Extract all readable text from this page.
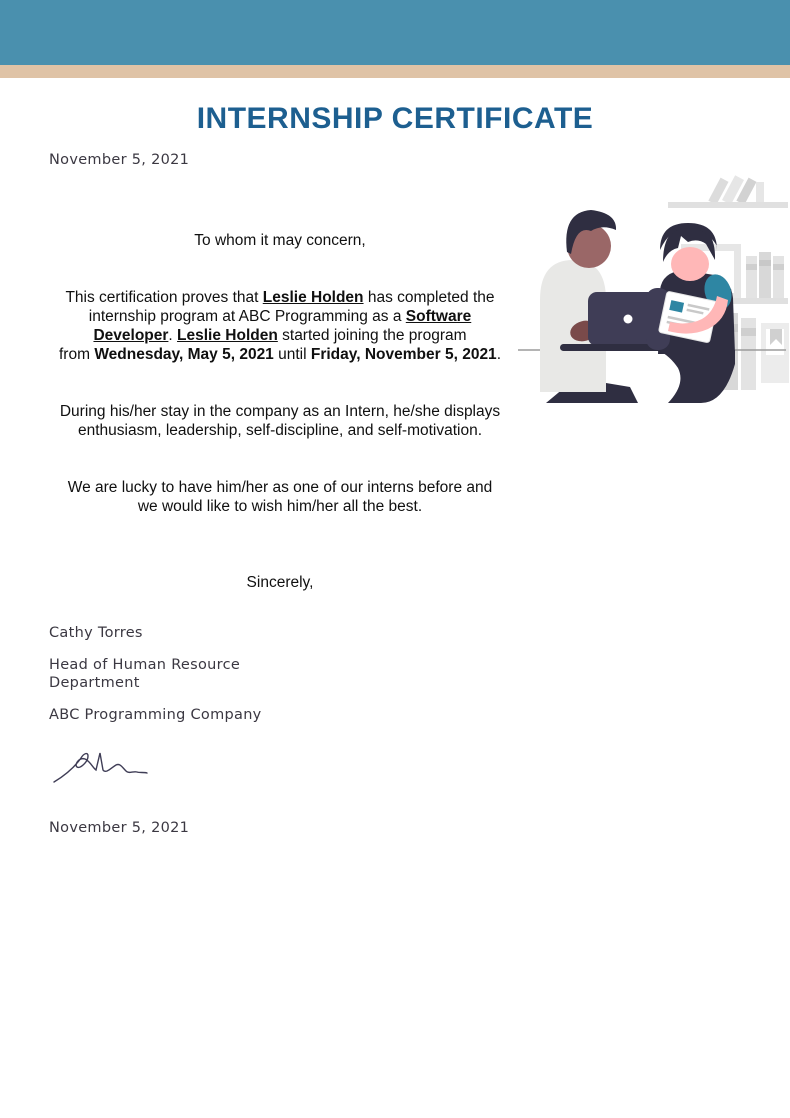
INTERNSHIP CERTIFICATE
November 5, 2021
To whom it may concern,
This certification proves that Leslie Holden has completed the
internship program at ABC Programming as a Software
Developer. Leslie Holden started joining the program
from Wednesday, May 5, 2021 until Friday, November 5, 2021.
During his/her stay in the company as an Intern, he/she displays
enthusiasm, leadership, self-discipline, and self-motivation.
We are lucky to have him/her as one of our interns before and
we would like to wish him/her all the best.
Sincerely,
Cathy Torres
Head of Human Resource Department
ABC Programming Company
November 5, 2021
